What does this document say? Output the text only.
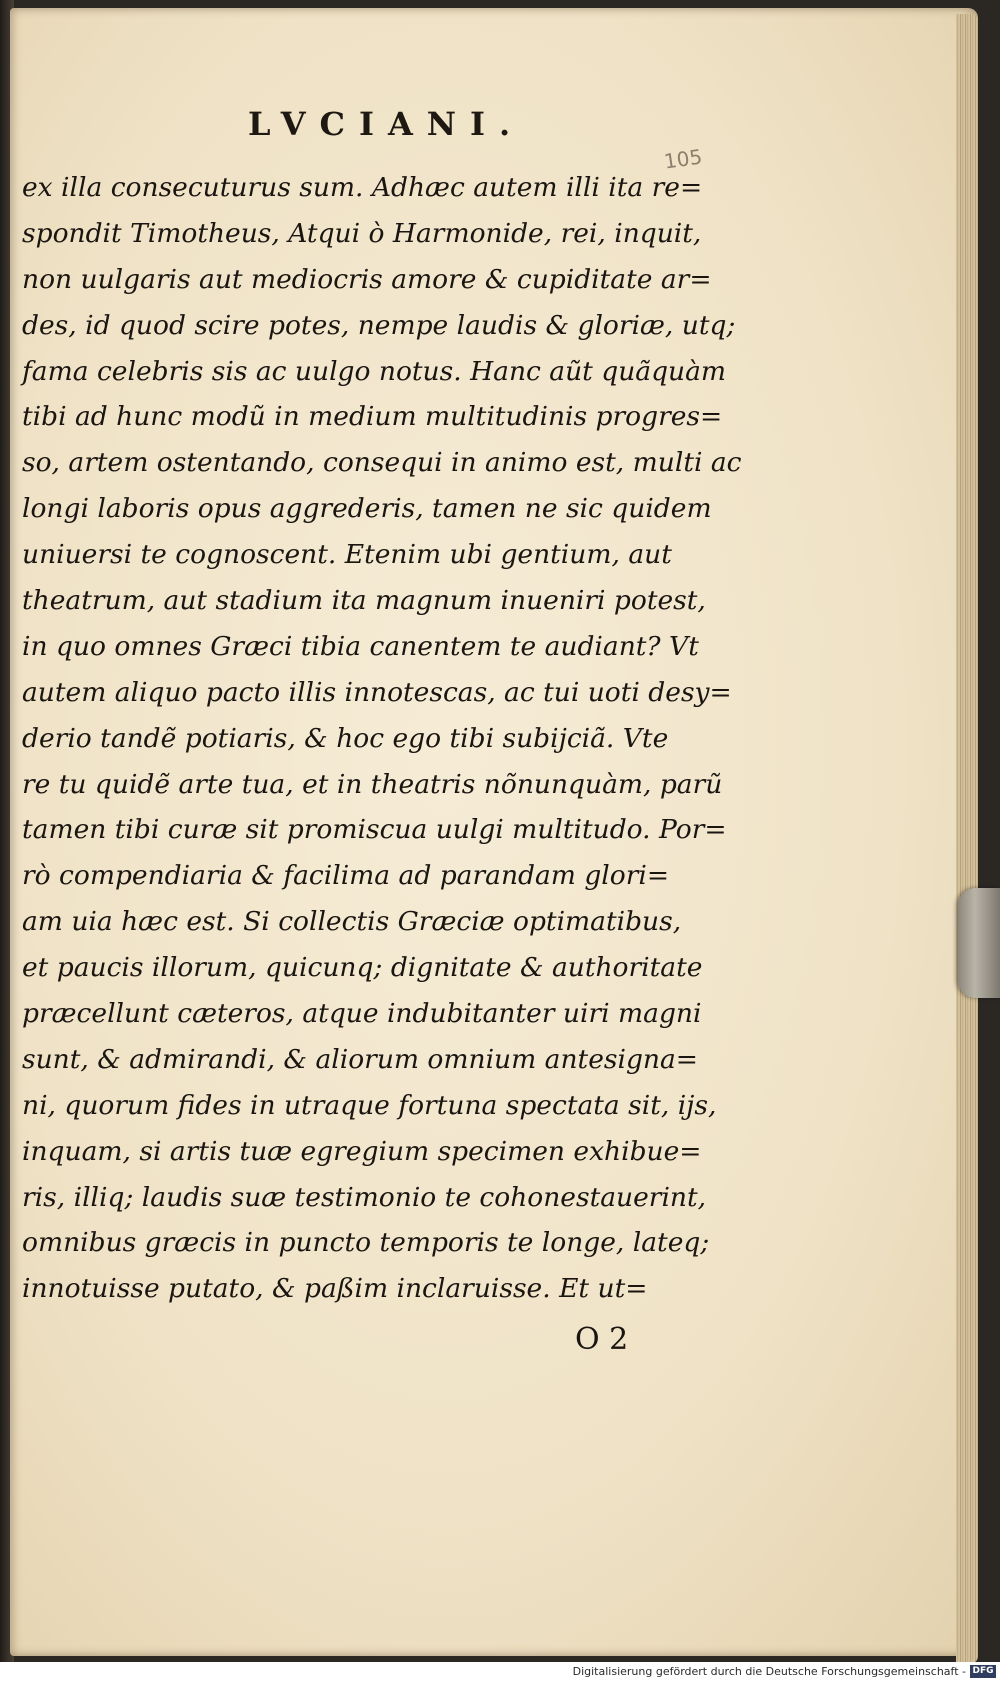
LVCIANI.
105
ex illa consecuturus sum. Adhæc autem illi ita re=
spondit Timotheus, Atqui ò Harmonide, rei, inquit,
non uulgaris aut mediocris amore & cupiditate ar=
des, id quod scire potes, nempe laudis & gloriæ, utq;
fama celebris sis ac uulgo notus. Hanc aũt quãquàm
tibi ad hunc modũ in medium multitudinis progres=
so, artem ostentando, consequi in animo est, multi ac
longi laboris opus aggrederis, tamen ne sic quidem
uniuersi te cognoscent. Etenim ubi gentium, aut
theatrum, aut stadium ita magnum inueniri potest,
in quo omnes Græci tibia canentem te audiant? Vt
autem aliquo pacto illis innotescas, ac tui uoti desy=
derio tandẽ potiaris, & hoc ego tibi subijciã. Vte
re tu quidẽ arte tua, et in theatris nõnunquàm, parũ
tamen tibi curæ sit promiscua uulgi multitudo. Por=
rò compendiaria & facilima ad parandam glori=
am uia hæc est. Si collectis Græciæ optimatibus,
et paucis illorum, quicunq; dignitate & authoritate
præcellunt cæteros, atque indubitanter uiri magni
sunt, & admirandi, & aliorum omnium antesigna=
ni, quorum fides in utraque fortuna spectata sit, ijs,
inquam, si artis tuæ egregium specimen exhibue=
ris, illiq; laudis suæ testimonio te cohonestauerint,
omnibus græcis in puncto temporis te longe, lateq;
innotuisse putato, & paßim inclaruisse. Et ut=
O 2
Digitalisierung gefördert durch die Deutsche Forschungsgemeinschaft - DFG
